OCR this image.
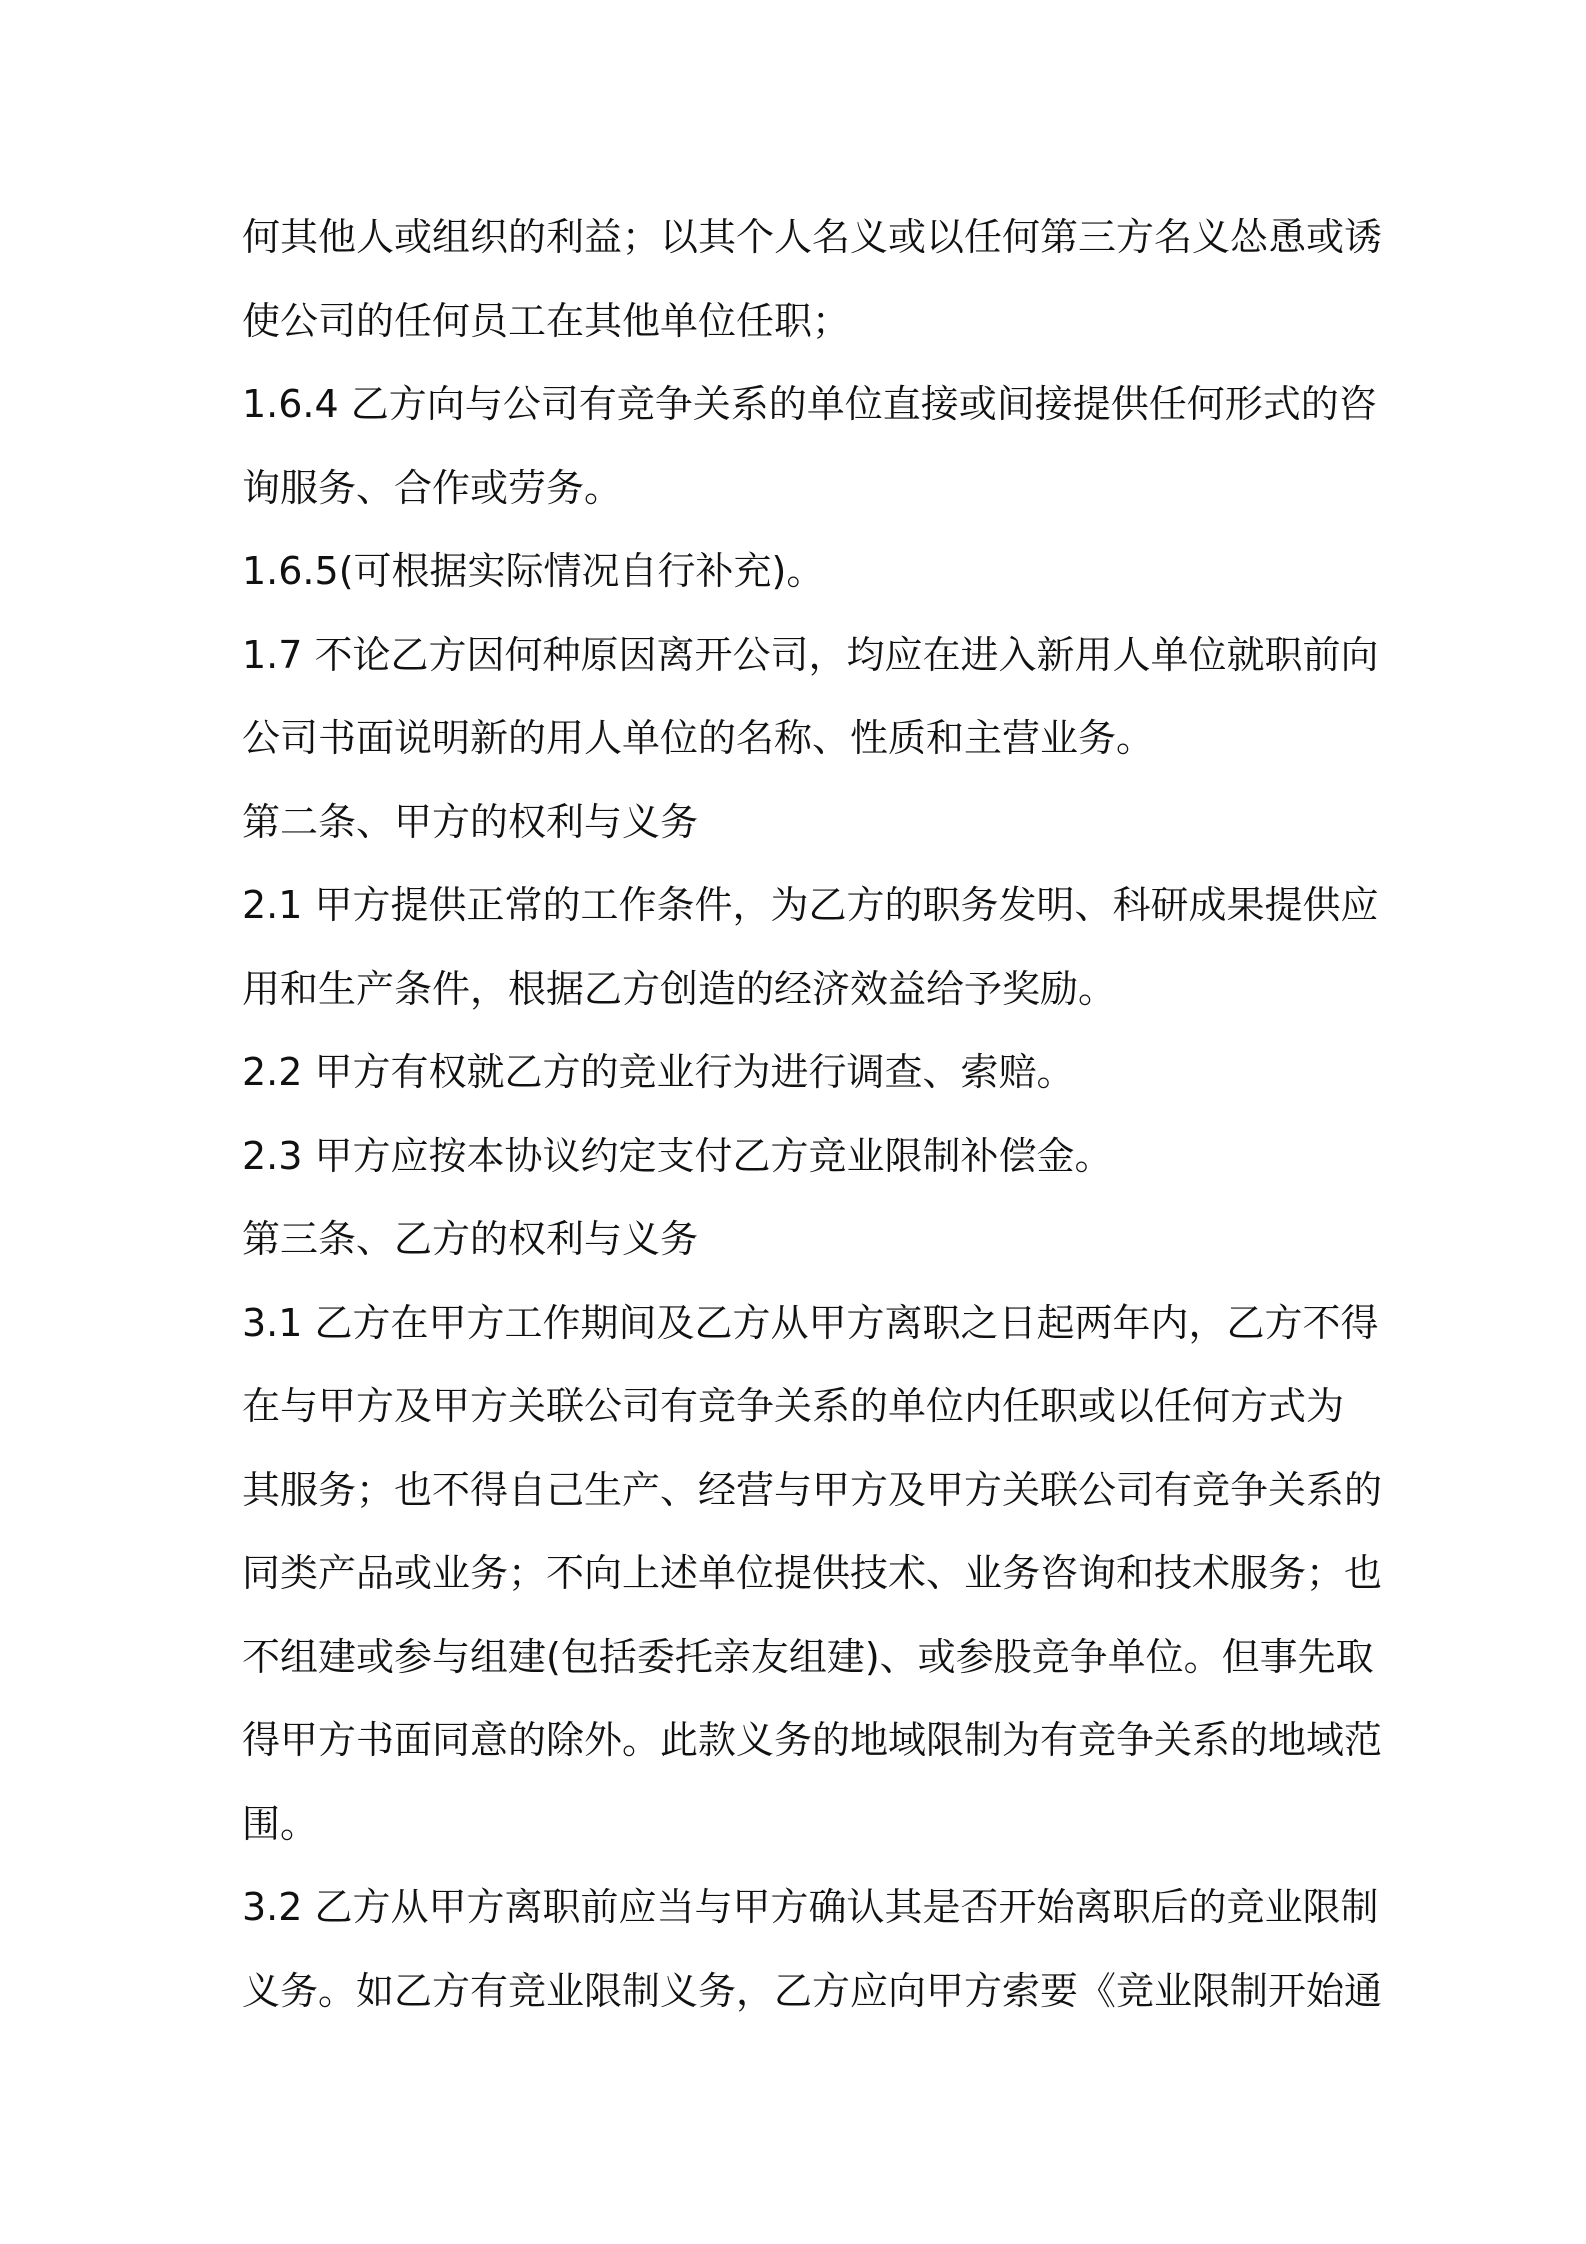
何其他人或组织的利益；以其个人名义或以任何第三方名义怂恿或诱
使公司的任何员工在其他单位任职；
1.6.4 乙方向与公司有竞争关系的单位直接或间接提供任何形式的咨
询服务、合作或劳务。
1.6.5(可根据实际情况自行补充)。
1.7 不论乙方因何种原因离开公司，均应在进入新用人单位就职前向
公司书面说明新的用人单位的名称、性质和主营业务。
第二条、甲方的权利与义务
2.1 甲方提供正常的工作条件，为乙方的职务发明、科研成果提供应
用和生产条件，根据乙方创造的经济效益给予奖励。
2.2 甲方有权就乙方的竞业行为进行调查、索赔。
2.3 甲方应按本协议约定支付乙方竞业限制补偿金。
第三条、乙方的权利与义务
3.1 乙方在甲方工作期间及乙方从甲方离职之日起两年内，乙方不得
在与甲方及甲方关联公司有竞争关系的单位内任职或以任何方式为
其服务；也不得自己生产、经营与甲方及甲方关联公司有竞争关系的
同类产品或业务；不向上述单位提供技术、业务咨询和技术服务；也
不组建或参与组建(包括委托亲友组建)、或参股竞争单位。但事先取
得甲方书面同意的除外。此款义务的地域限制为有竞争关系的地域范
围。
3.2 乙方从甲方离职前应当与甲方确认其是否开始离职后的竞业限制
义务。如乙方有竞业限制义务，乙方应向甲方索要《竞业限制开始通
